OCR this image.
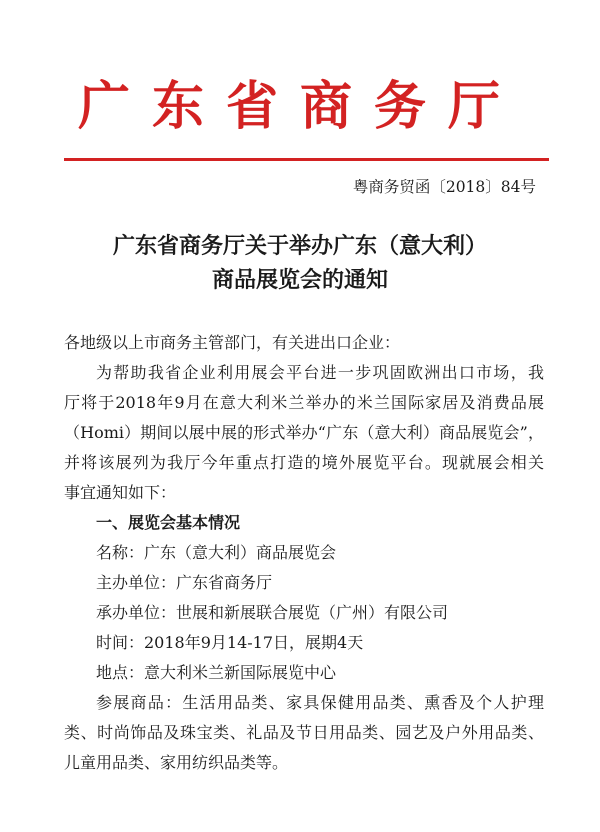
广东省商务厅
粤商务贸函〔2018〕84号
广东省商务厅关于举办广东（意大利）
商品展览会的通知
各地级以上市商务主管部门，有关进出口企业：
为帮助我省企业利用展会平台进一步巩固欧洲出口市场，我
厅将于2018年9月在意大利米兰举办的米兰国际家居及消费品展
（Homi）期间以展中展的形式举办“广东（意大利）商品展览会”，
并将该展列为我厅今年重点打造的境外展览平台。现就展会相关
事宜通知如下：
一、展览会基本情况
名称：广东（意大利）商品展览会
主办单位：广东省商务厅
承办单位：世展和新展联合展览（广州）有限公司
时间：2018年9月14-17日，展期4天
地点：意大利米兰新国际展览中心
参展商品：生活用品类、家具保健用品类、熏香及个人护理
类、时尚饰品及珠宝类、礼品及节日用品类、园艺及户外用品类、
儿童用品类、家用纺织品类等。
